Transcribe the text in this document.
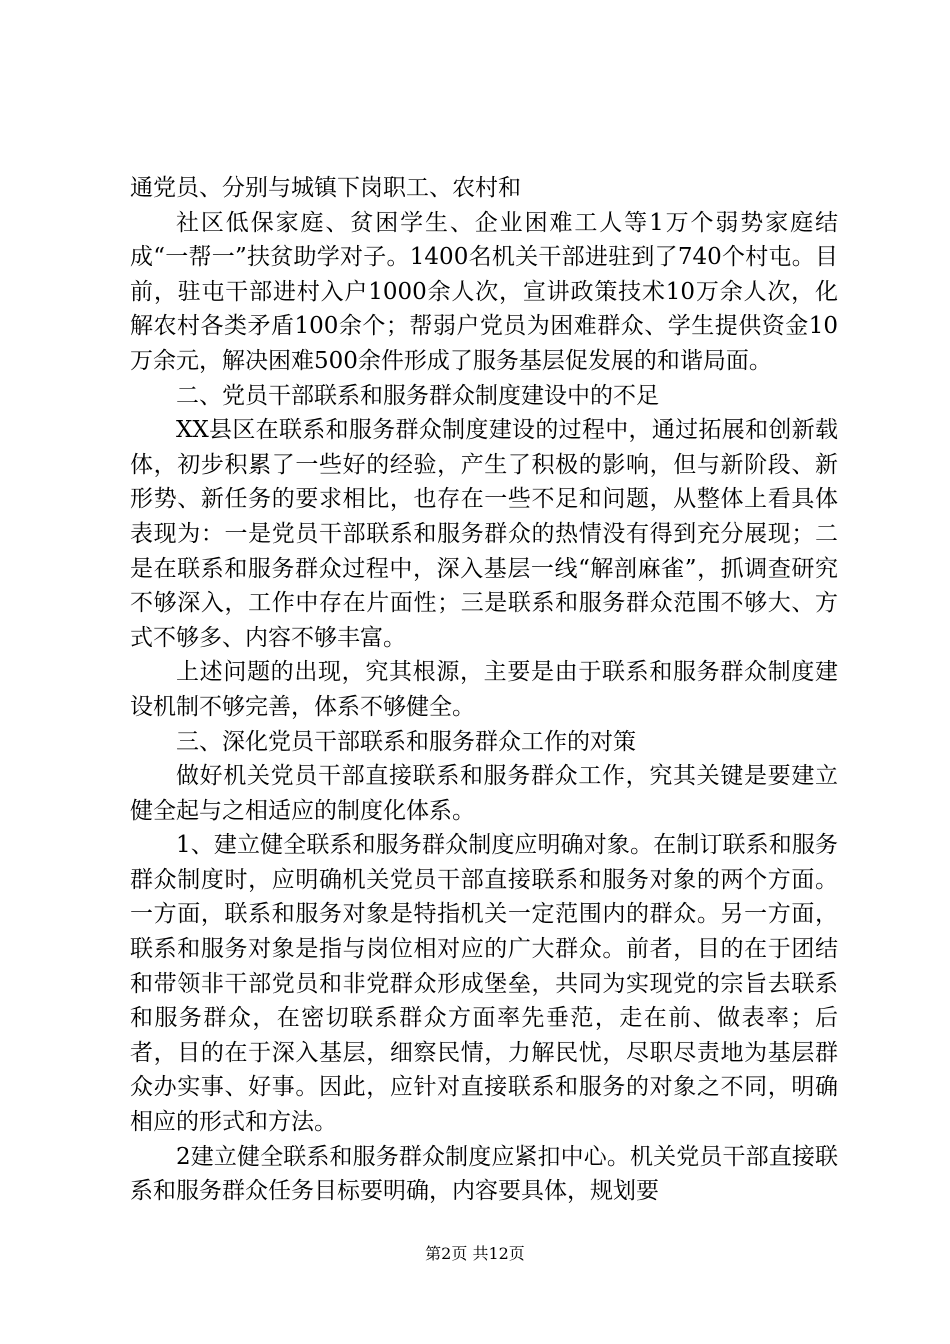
通党员、分别与城镇下岗职工、农村和

社区低保家庭、贫困学生、企业困难工人等1万个弱势家庭结成“一帮一”扶贫助学对子。1400名机关干部进驻到了740个村屯。目前，驻屯干部进村入户1000余人次，宣讲政策技术10万余人次，化解农村各类矛盾100余个；帮弱户党员为困难群众、学生提供资金10万余元，解决困难500余件形成了服务基层促发展的和谐局面。

二、党员干部联系和服务群众制度建设中的不足

XX县区在联系和服务群众制度建设的过程中，通过拓展和创新载体，初步积累了一些好的经验，产生了积极的影响，但与新阶段、新形势、新任务的要求相比，也存在一些不足和问题，从整体上看具体表现为：一是党员干部联系和服务群众的热情没有得到充分展现；二是在联系和服务群众过程中，深入基层一线“解剖麻雀”，抓调查研究不够深入，工作中存在片面性；三是联系和服务群众范围不够大、方式不够多、内容不够丰富。

上述问题的出现，究其根源，主要是由于联系和服务群众制度建设机制不够完善，体系不够健全。

三、深化党员干部联系和服务群众工作的对策

做好机关党员干部直接联系和服务群众工作，究其关键是要建立健全起与之相适应的制度化体系。

1、建立健全联系和服务群众制度应明确对象。在制订联系和服务群众制度时，应明确机关党员干部直接联系和服务对象的两个方面。一方面，联系和服务对象是特指机关一定范围内的群众。另一方面，联系和服务对象是指与岗位相对应的广大群众。前者，目的在于团结和带领非干部党员和非党群众形成堡垒，共同为实现党的宗旨去联系和服务群众，在密切联系群众方面率先垂范，走在前、做表率；后者，目的在于深入基层，细察民情，力解民忧，尽职尽责地为基层群众办实事、好事。因此，应针对直接联系和服务的对象之不同，明确相应的形式和方法。

2建立健全联系和服务群众制度应紧扣中心。机关党员干部直接联系和服务群众任务目标要明确，内容要具体，规划要

第2页 共12页
